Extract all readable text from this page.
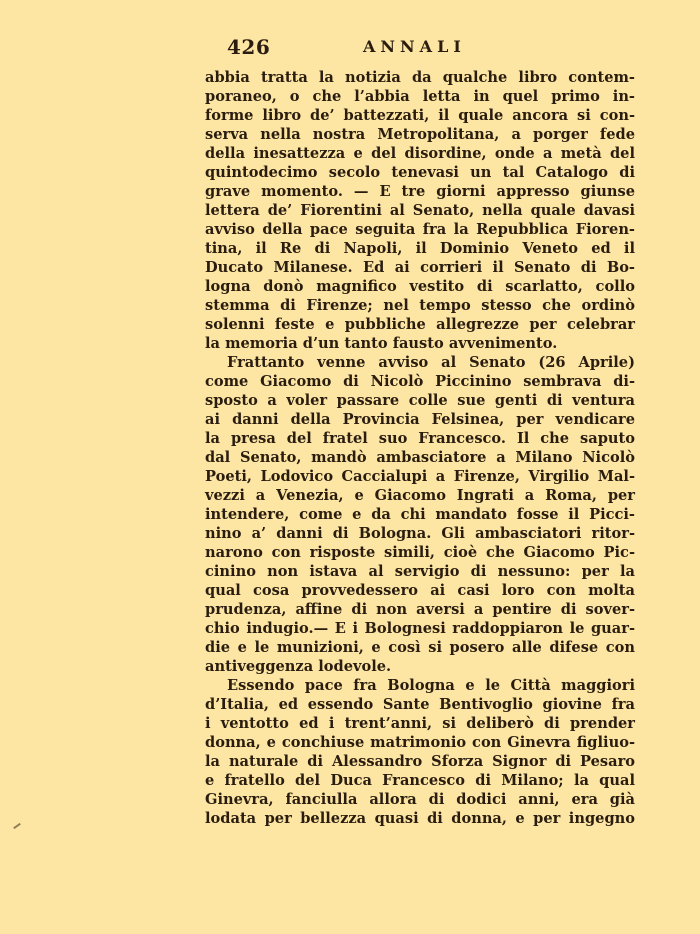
426	ANNALI
abbia tratta la notizia da qualche libro contem-
poraneo, o che l’abbia letta in quel primo in-
forme libro de’ battezzati, il quale ancora si con-
serva nella nostra Metropolitana, a porger fede
della inesattezza e del disordine, onde a metà del
quintodecimo secolo tenevasi un tal Catalogo di
grave momento. — E tre giorni appresso giunse
lettera de’ Fiorentini al Senato, nella quale davasi
avviso della pace seguita fra la Repubblica Fioren-
tina, il Re di Napoli, il Dominio Veneto ed il
Ducato Milanese. Ed ai corrieri il Senato di Bo-
logna donò magnifico vestito di scarlatto, collo
stemma di Firenze; nel tempo stesso che ordinò
solenni feste e pubbliche allegrezze per celebrar
la memoria d’un tanto fausto avvenimento.
Frattanto venne avviso al Senato (26 Aprile)
come Giacomo di Nicolò Piccinino sembrava di-
sposto a voler passare colle sue genti di ventura
ai danni della Provincia Felsinea, per vendicare
la presa del fratel suo Francesco. Il che saputo
dal Senato, mandò ambasciatore a Milano Nicolò
Poeti, Lodovico Caccialupi a Firenze, Virgilio Mal-
vezzi a Venezia, e Giacomo Ingrati a Roma, per
intendere, come e da chi mandato fosse il Picci-
nino a’ danni di Bologna. Gli ambasciatori ritor-
narono con risposte simili, cioè che Giacomo Pic-
cinino non istava al servigio di nessuno: per la
qual cosa provvedessero ai casi loro con molta
prudenza, affine di non aversi a pentire di sover-
chio indugio.— E i Bolognesi raddoppiaron le guar-
die e le munizioni, e così si posero alle difese con
antiveggenza lodevole.
Essendo pace fra Bologna e le Città maggiori
d’Italia, ed essendo Sante Bentivoglio giovine fra
i ventotto ed i trent’anni, si deliberò di prender
donna, e conchiuse matrimonio con Ginevra figliuo-
la naturale di Alessandro Sforza Signor di Pesaro
e fratello del Duca Francesco di Milano; la qual
Ginevra, fanciulla allora di dodici anni, era già
lodata per bellezza quasi di donna, e per ingegno
